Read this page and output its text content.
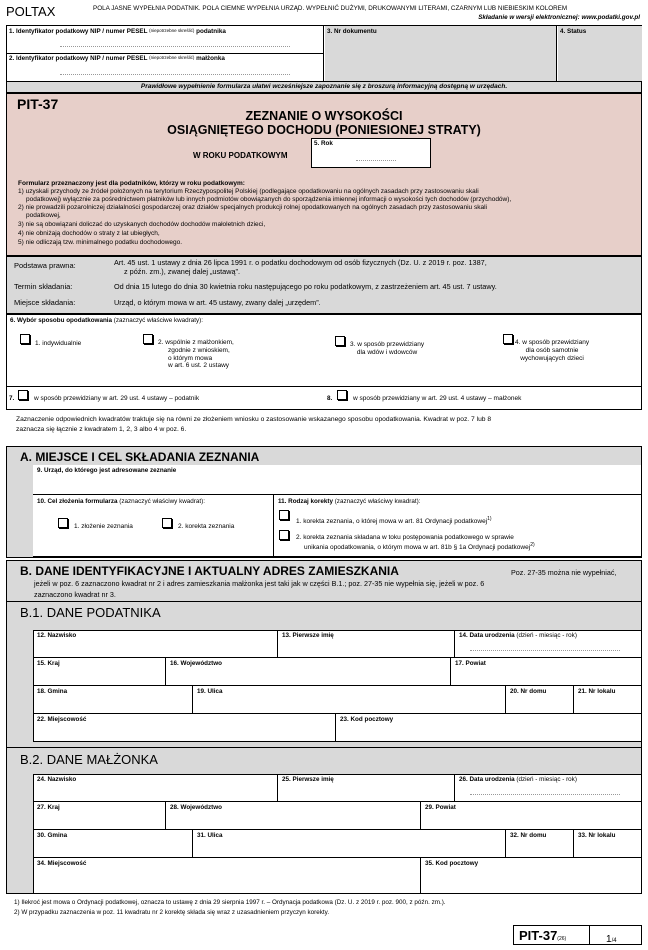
POLTAX	POLA JASNE WYPEŁNIA PODATNIK. POLA CIEMNE WYPEŁNIA URZĄD. WYPEŁNIĆ DUŻYMI, DRUKOWANYMI LITERAMI, CZARNYM LUB NIEBIESKIM KOLOREM
Składanie w wersji elektronicznej: www.podatki.gov.pl
1. Identyfikator podatkowy NIP / numer PESEL $^{(niepotrzebne skreślić)}$ podatnika
2. Identyfikator podatkowy NIP / numer PESEL $^{(niepotrzebne skreślić)}$ małżonka
3. Nr dokumentu	4. Status
Prawidłowe wypełnienie formularza ułatwi wcześniejsze zapoznanie się z broszurą informacyjną dostępną w urzędach.
PIT-37
ZEZNANIE O WYSOKOŚCI
OSIĄGNIĘTEGO DOCHODU (PONIESIONEJ STRATY)
W ROKU PODATKOWYM
5. Rok
Formularz przeznaczony jest dla podatników, którzy w roku podatkowym:
1) uzyskali przychody ze źródeł położonych na terytorium Rzeczypospolitej Polskiej (podlegające opodatkowaniu na ogólnych zasadach przy zastosowaniu skali
podatkowej) wyłącznie za pośrednictwem płatników lub innych podmiotów obowiązanych do sporządzenia imiennej informacji o wysokości tych dochodów (przychodów),
2) nie prowadzili pozarolniczej działalności gospodarczej oraz działów specjalnych produkcji rolnej opodatkowanych na ogólnych zasadach przy zastosowaniu skali
podatkowej,
3) nie są obowiązani doliczać do uzyskanych dochodów dochodów małoletnich dzieci,
4) nie obniżają dochodów o straty z lat ubiegłych,
5) nie odliczają tzw. minimalnego podatku dochodowego.
Podstawa prawna:	Art. 45 ust. 1 ustawy z dnia 26 lipca 1991 r. o podatku dochodowym od osób fizycznych (Dz. U. z 2019 r. poz. 1387,
z późn. zm.), zwanej dalej „ustawą”.
Termin składania:	Od dnia 15 lutego do dnia 30 kwietnia roku następującego po roku podatkowym, z zastrzeżeniem art. 45 ust. 7 ustawy.
Miejsce składania:	Urząd, o którym mowa w art. 45 ustawy, zwany dalej „urzędem”.
6. Wybór sposobu opodatkowania (zaznaczyć właściwe kwadraty):
1. indywidualnie	2. wspólnie z małżonkiem,
zgodnie z wnioskiem,
o którym mowa
w art. 6 ust. 2 ustawy
3. w sposób przewidziany
dla wdów i wdowców
4. w sposób przewidziany
dla osób samotnie
wychowujących dzieci
7.	w sposób przewidziany w art. 29 ust. 4 ustawy – podatnik	8.	w sposób przewidziany w art. 29 ust. 4 ustawy – małżonek
Zaznaczenie odpowiednich kwadratów traktuje się na równi ze złożeniem wniosku o zastosowanie wskazanego sposobu opodatkowania. Kwadrat w poz. 7 lub 8
zaznacza się łącznie z kwadratem 1, 2, 3 albo 4 w poz. 6.
A. MIEJSCE I CEL SKŁADANIA ZEZNANIA
9. Urząd, do którego jest adresowane zeznanie
10. Cel złożenia formularza (zaznaczyć właściwy kwadrat):
1. złożenie zeznania	2. korekta zeznania
11. Rodzaj korekty (zaznaczyć właściwy kwadrat):
1. korekta zeznania, o której mowa w art. 81 Ordynacji podatkowej$^{1)}$
2. korekta zeznania składana w toku postępowania podatkowego w sprawie
unikania opodatkowania, o którym mowa w art. 81b § 1a Ordynacji podatkowej$^{2)}$
B. DANE IDENTYFIKACYJNE I AKTUALNY ADRES ZAMIESZKANIA	Poz. 27-35 można nie wypełniać,
jeżeli w poz. 6 zaznaczono kwadrat nr 2 i adres zamieszkania małżonka jest taki jak w części B.1.; poz. 27-35 nie wypełnia się, jeżeli w poz. 6
zaznaczono kwadrat nr 3.
B.1. DANE PODATNIKA
12. Nazwisko	13. Pierwsze imię	14. Data urodzenia (dzień - miesiąc - rok)
15. Kraj	16. Województwo	17. Powiat
18. Gmina	19. Ulica	20. Nr domu	21. Nr lokalu
22. Miejscowość	23. Kod pocztowy
B.2. DANE MAŁŻONKA
24. Nazwisko	25. Pierwsze imię	26. Data urodzenia (dzień - miesiąc - rok)
27. Kraj	28. Województwo	29. Powiat
30. Gmina	31. Ulica	32. Nr domu	33. Nr lokalu
34. Miejscowość	35. Kod pocztowy
1) Ilekroć jest mowa o Ordynacji podatkowej, oznacza to ustawę z dnia 29 sierpnia 1997 r. – Ordynacja podatkowa (Dz. U. z 2019 r. poz. 900, z późn. zm.).
2) W przypadku zaznaczenia w poz. 11 kwadratu nr 2 korektę składa się wraz z uzasadnieniem przyczyn korekty.
PIT-37(26)	1/4
